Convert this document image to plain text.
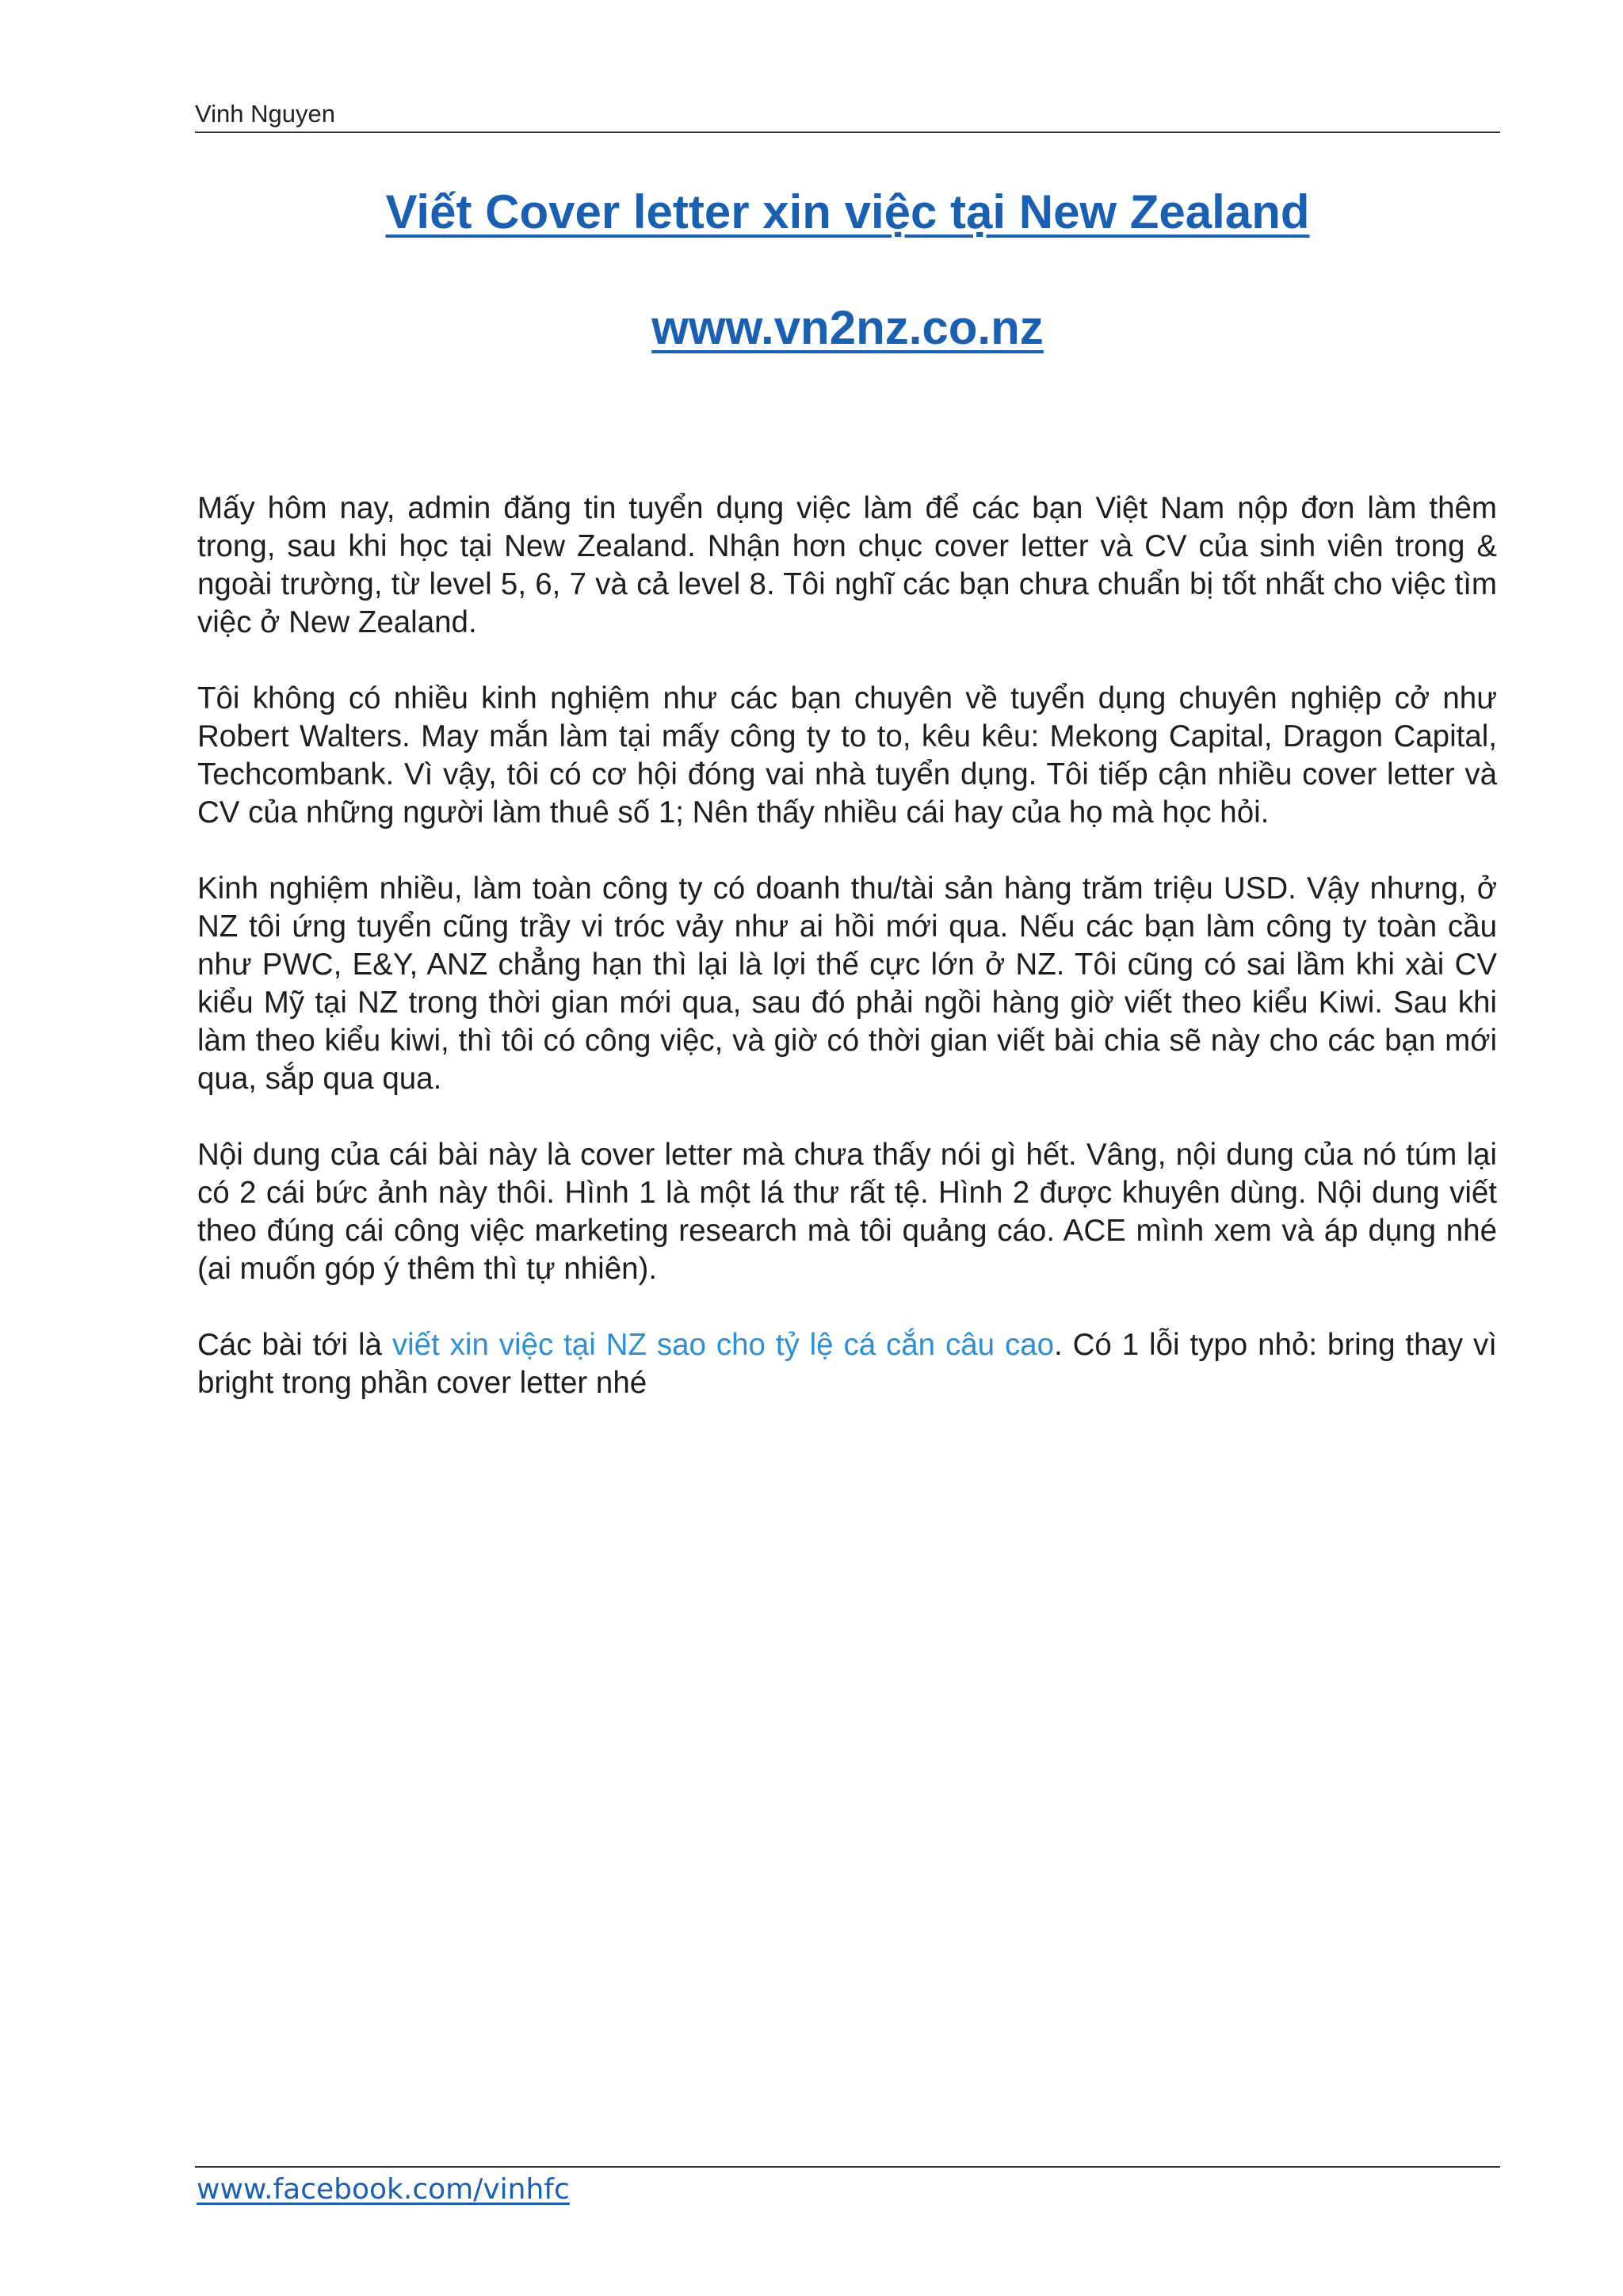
Vinh Nguyen
Viết Cover letter xin việc tại New Zealand
www.vn2nz.co.nz

Mấy hôm nay, admin đăng tin tuyển dụng việc làm để các bạn Việt Nam nộp đơn làm thêm trong, sau khi học tại New Zealand. Nhận hơn chục cover letter và CV của sinh viên trong & ngoài trường, từ level 5, 6, 7 và cả level 8. Tôi nghĩ các bạn chưa chuẩn bị tốt nhất cho việc tìm việc ở New Zealand.

Tôi không có nhiều kinh nghiệm như các bạn chuyên về tuyển dụng chuyên nghiệp cở như Robert Walters. May mắn làm tại mấy công ty to to, kêu kêu: Mekong Capital, Dragon Capital, Techcombank. Vì vậy, tôi có cơ hội đóng vai nhà tuyển dụng. Tôi tiếp cận nhiều cover letter và CV của những người làm thuê số 1; Nên thấy nhiều cái hay của họ mà học hỏi.

Kinh nghiệm nhiều, làm toàn công ty có doanh thu/tài sản hàng trăm triệu USD. Vậy nhưng, ở NZ tôi ứng tuyển cũng trầy vi tróc vảy như ai hồi mới qua. Nếu các bạn làm công ty toàn cầu như PWC, E&Y, ANZ chẳng hạn thì lại là lợi thế cực lớn ở NZ. Tôi cũng có sai lầm khi xài CV kiểu Mỹ tại NZ trong thời gian mới qua, sau đó phải ngồi hàng giờ viết theo kiểu Kiwi. Sau khi làm theo kiểu kiwi, thì tôi có công việc, và giờ có thời gian viết bài chia sẽ này cho các bạn mới qua, sắp qua qua.

Nội dung của cái bài này là cover letter mà chưa thấy nói gì hết. Vâng, nội dung của nó túm lại có 2 cái bức ảnh này thôi. Hình 1 là một lá thư rất tệ. Hình 2 được khuyên dùng. Nội dung viết theo đúng cái công việc marketing research mà tôi quảng cáo. ACE mình xem và áp dụng nhé (ai muốn góp ý thêm thì tự nhiên).

Các bài tới là viết xin việc tại NZ sao cho tỷ lệ cá cắn câu cao. Có 1 lỗi typo nhỏ: bring thay vì bright trong phần cover letter nhé

www.facebook.com/vinhfc
